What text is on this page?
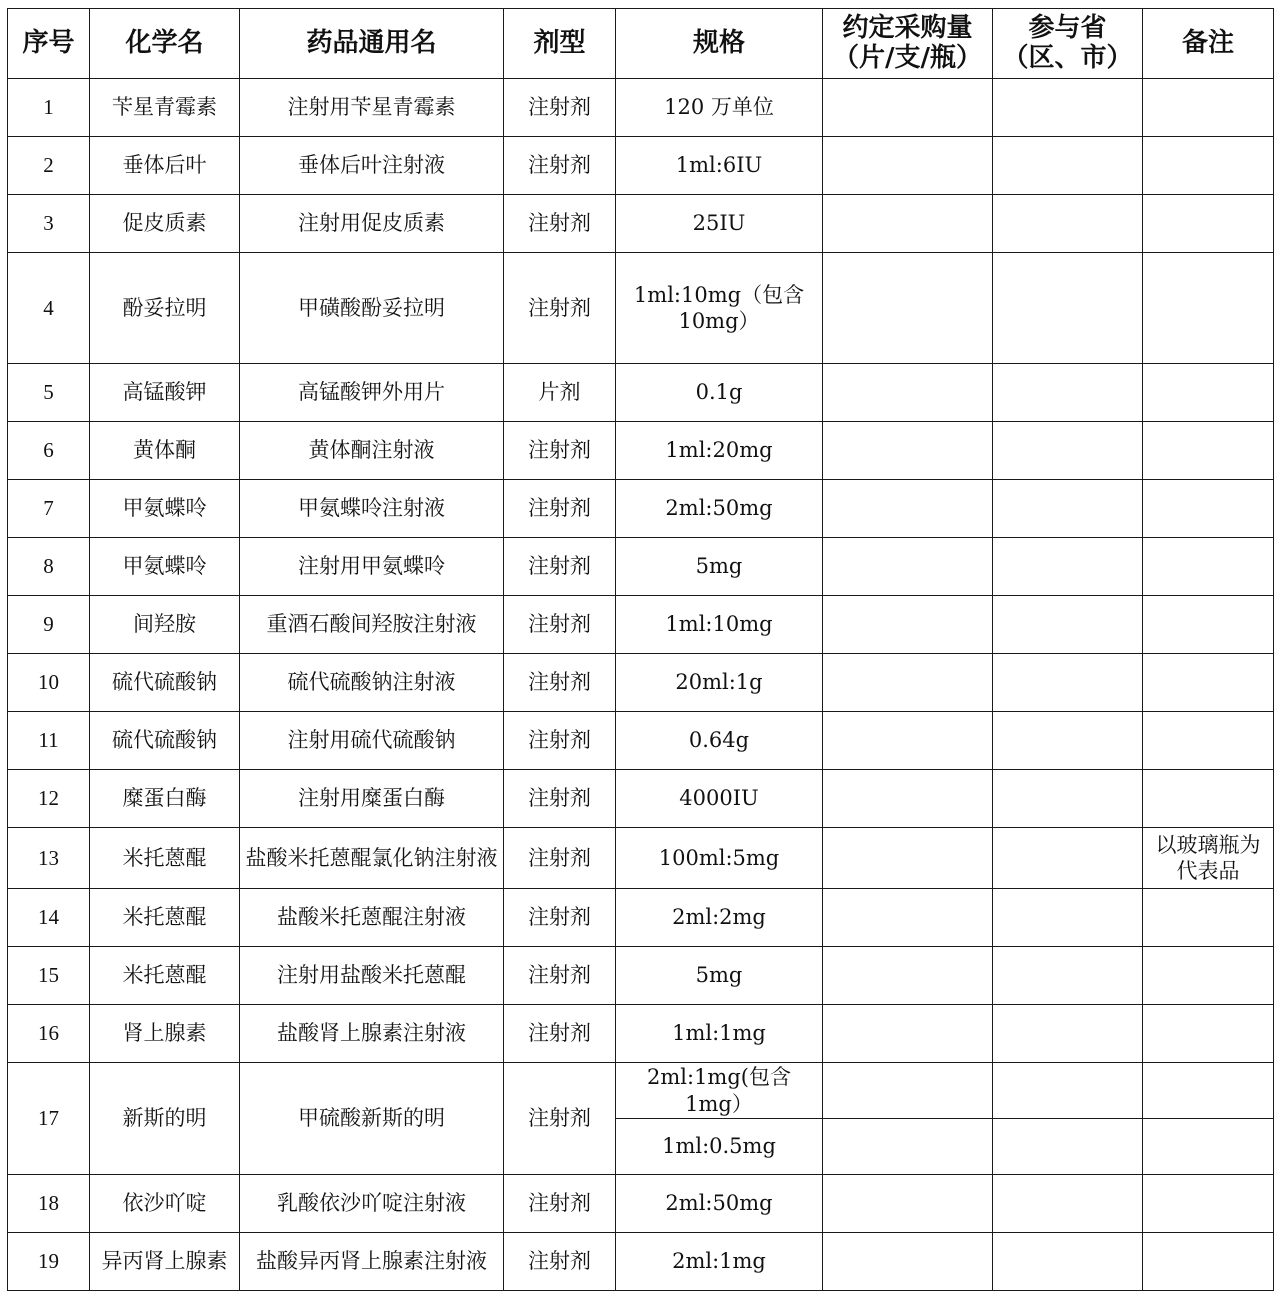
序号	化学名	药品通用名	剂型	规格	约定采购量（片/支/瓶）	参与省（区、市）	备注
1	苄星青霉素	注射用苄星青霉素	注射剂	120 万单位			
2	垂体后叶	垂体后叶注射液	注射剂	1ml:6IU			
3	促皮质素	注射用促皮质素	注射剂	25IU			
4	酚妥拉明	甲磺酸酚妥拉明	注射剂	1ml:10mg（包含10mg）			
5	高锰酸钾	高锰酸钾外用片	片剂	0.1g			
6	黄体酮	黄体酮注射液	注射剂	1ml:20mg			
7	甲氨蝶呤	甲氨蝶呤注射液	注射剂	2ml:50mg			
8	甲氨蝶呤	注射用甲氨蝶呤	注射剂	5mg			
9	间羟胺	重酒石酸间羟胺注射液	注射剂	1ml:10mg			
10	硫代硫酸钠	硫代硫酸钠注射液	注射剂	20ml:1g			
11	硫代硫酸钠	注射用硫代硫酸钠	注射剂	0.64g			
12	糜蛋白酶	注射用糜蛋白酶	注射剂	4000IU			
13	米托蒽醌	盐酸米托蒽醌氯化钠注射液	注射剂	100ml:5mg			以玻璃瓶为代表品
14	米托蒽醌	盐酸米托蒽醌注射液	注射剂	2ml:2mg			
15	米托蒽醌	注射用盐酸米托蒽醌	注射剂	5mg			
16	肾上腺素	盐酸肾上腺素注射液	注射剂	1ml:1mg			
17	新斯的明	甲硫酸新斯的明	注射剂	2ml:1mg(包含 1mg）			
				1ml:0.5mg			
18	依沙吖啶	乳酸依沙吖啶注射液	注射剂	2ml:50mg			
19	异丙肾上腺素	盐酸异丙肾上腺素注射液	注射剂	2ml:1mg			
